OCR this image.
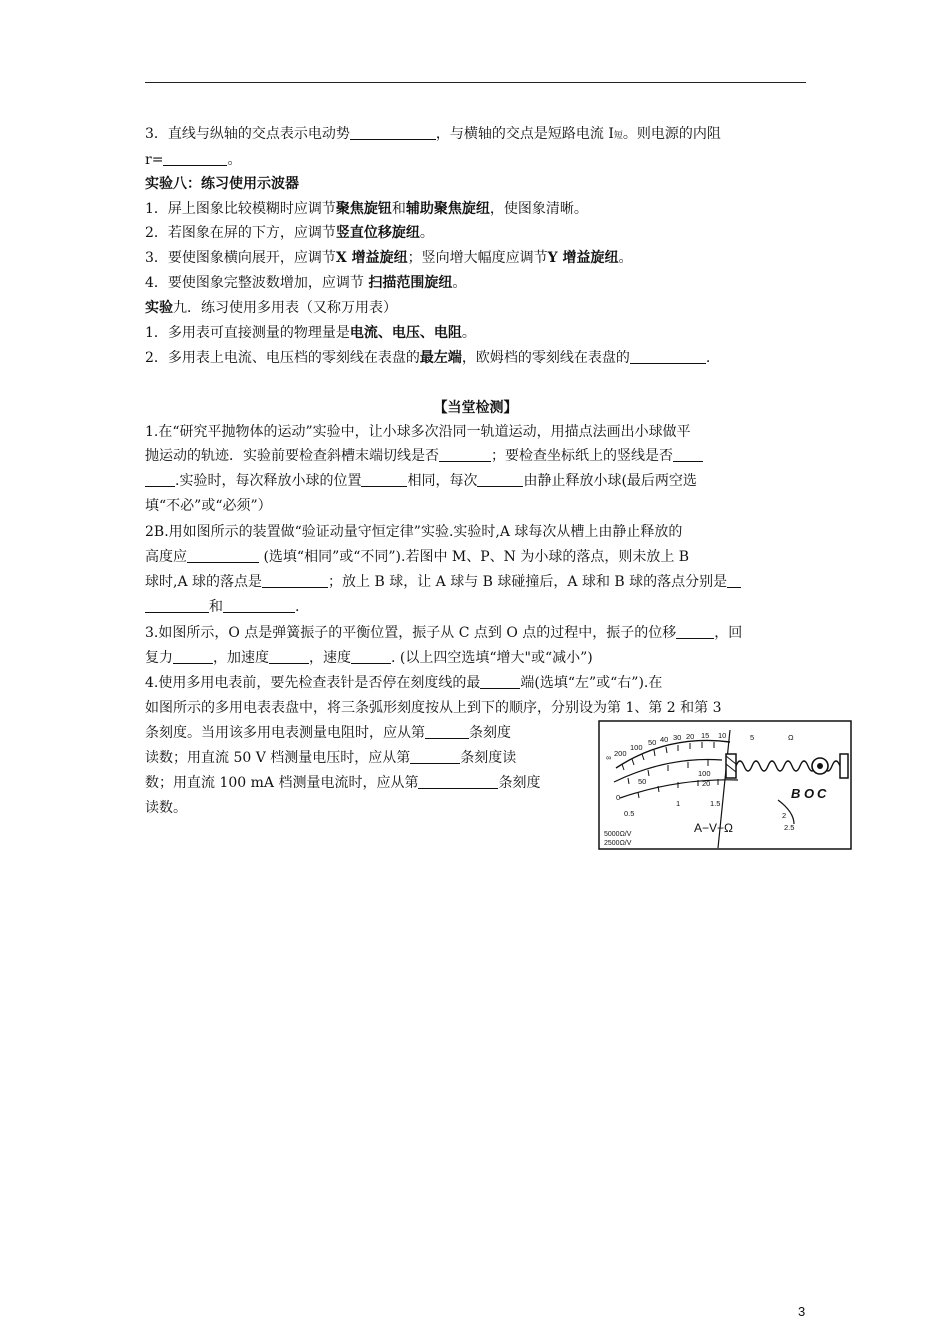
3．直线与纵轴的交点表示电动势	，与横轴的交点是短路电流 I短。则电源的内阻
r=	。
实验八：练习使用示波器
1．屏上图象比较模糊时应调节聚焦旋钮和辅助聚焦旋纽，使图象清晰。
2．若图象在屏的下方，应调节竖直位移旋纽。
3．要使图象横向展开，应调节X 增益旋纽；竖向增大幅度应调节Y 增益旋纽。
4．要使图象完整波数增加，应调节 扫描范围旋纽。
实验九．练习使用多用表（又称万用表）
1．多用表可直接测量的物理量是电流、电压、电阻。
2．多用表上电流、电压档的零刻线在表盘的最左端，欧姆档的零刻线在表盘的	.
【当堂检测】
1.在“研究平抛物体的运动”实验中，让小球多次沿同一轨道运动，用描点法画出小球做平
抛运动的轨迹．实验前要检查斜槽末端切线是否	；要检查坐标纸上的竖线是否
.实验时，每次释放小球的位置	相同，每次	由静止释放小球(最后两空选
填“不必”或“必须”）
2B.用如图所示的装置做“验证动量守恒定律”实验.实验时,A 球每次从槽上由静止释放的
高度应	(选填“相同”或“不同”).若图中 M、P、N 为小球的落点，则未放上 B
球时,A 球的落点是	；放上 B 球，让 A 球与 B 球碰撞后，A 球和 B 球的落点分别是
和	.
3.如图所示，O 点是弹簧振子的平衡位置，振子从 C 点到 O 点的过程中，振子的位移	，回
复力	，加速度	，速度	. (以上四空选填“增大"或“减小”)
4.使用多用电表前，要先检查表针是否停在刻度线的最	端(选填“左”或“右”).在
如图所示的多用电表表盘中，将三条弧形刻度按从上到下的顺序，分别设为第 1、第 2 和第 3
条刻度。当用该多用电表测量电阻时，应从第	条刻度
读数；用直流 50 V 档测量电压时，应从第	条刻度读
数；用直流 100 mA 档测量电流时，应从第	条刻度
读数。
∞ 200
100
50 40 30 20 15 10	5	Ω
50
100
0
20
0.5
1	1.5
2
2.5
A−V−Ω
5000Ω/V
2500Ω/V
B O C
3
